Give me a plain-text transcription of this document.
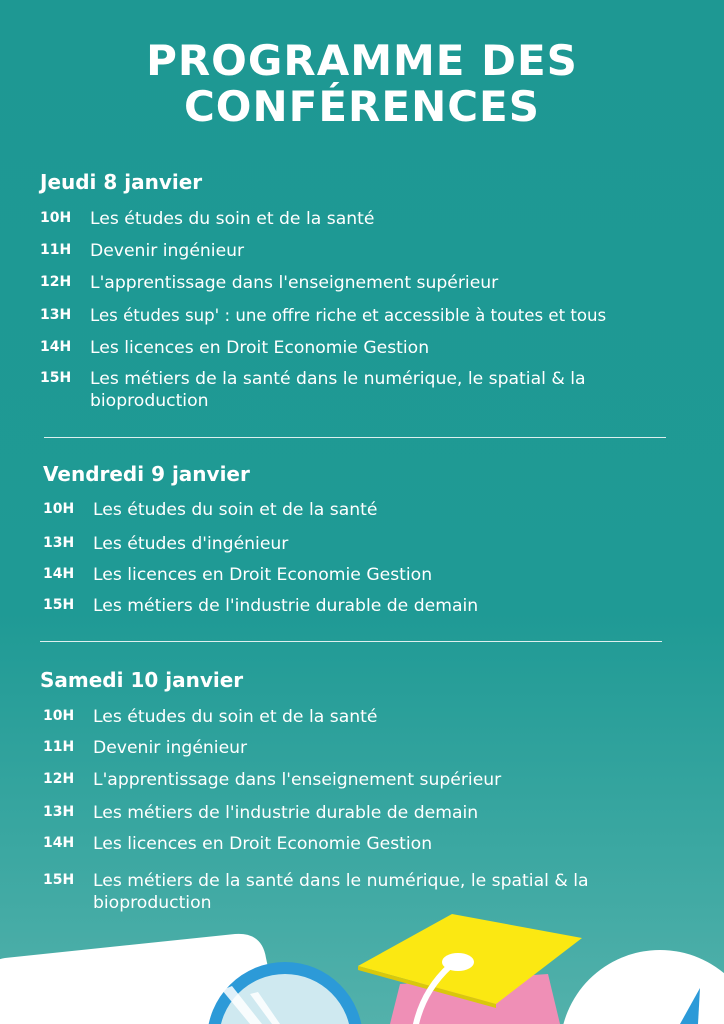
PROGRAMME DES
CONFÉRENCES
Jeudi 8 janvier
10H Les études du soin et de la santé
11H Devenir ingénieur
12H L'apprentissage dans l'enseignement supérieur
13H Les études sup' : une offre riche et accessible à toutes et tous
14H Les licences en Droit Economie Gestion
15H Les métiers de la santé dans le numérique, le spatial & la bioproduction
Vendredi 9 janvier
10H Les études du soin et de la santé
13H Les études d'ingénieur
14H Les licences en Droit Economie Gestion
15H Les métiers de l'industrie durable de demain
Samedi 10 janvier
10H Les études du soin et de la santé
11H Devenir ingénieur
12H L'apprentissage dans l'enseignement supérieur
13H Les métiers de l'industrie durable de demain
14H Les licences en Droit Economie Gestion
15H Les métiers de la santé dans le numérique, le spatial & la bioproduction
